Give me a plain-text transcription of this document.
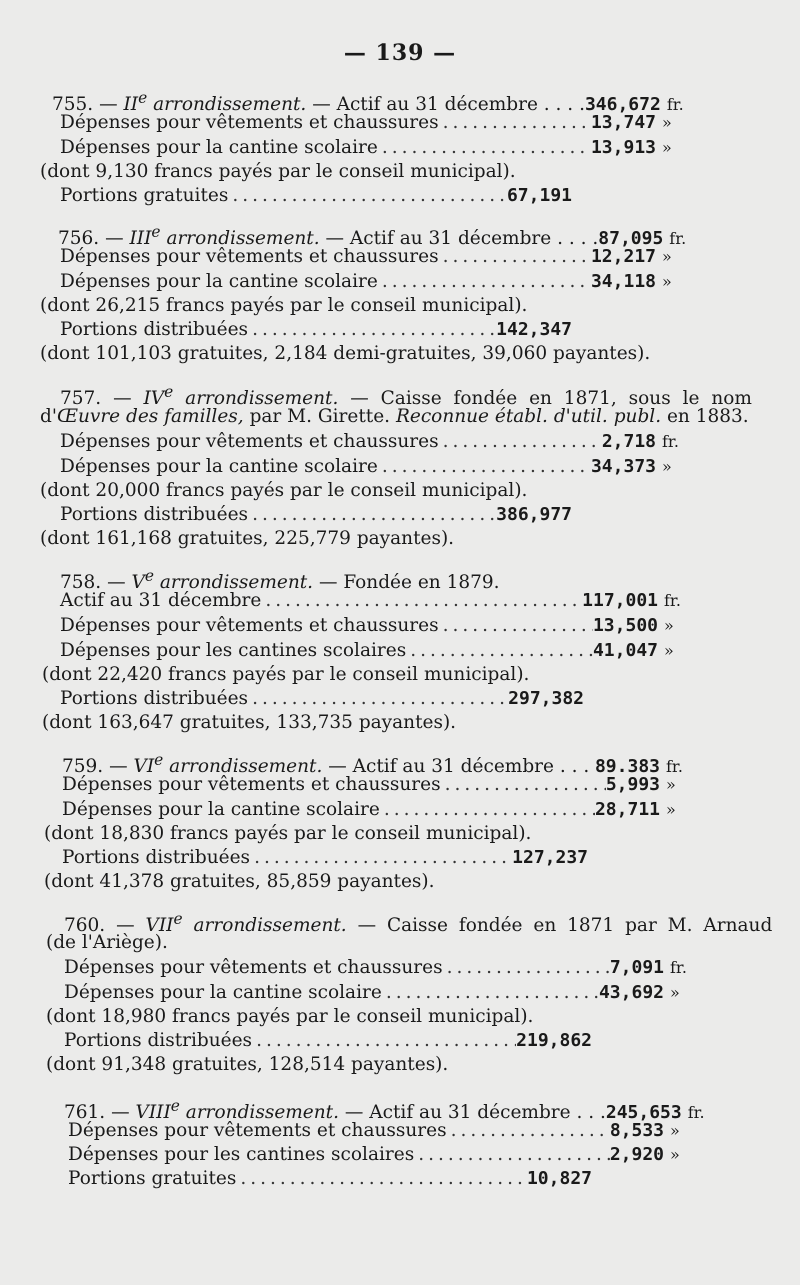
— 139 —
755. — IIe arrondissement. — Actif au 31 décembre . . . . 346,672 fr.
Dépenses pour vêtements et chaussures .....	13,747 »
Dépenses pour la cantine scolaire .....	13,913 »
(dont 9,130 francs payés par le conseil municipal).
Portions gratuites .....	67,191
756. — IIIe arrondissement. — Actif au 31 décembre . . . . 87,095 fr.
Dépenses pour vêtements et chaussures .....	12,217 »
Dépenses pour la cantine scolaire .....	34,118 »
(dont 26,215 francs payés par le conseil municipal).
Portions distribuées .....	142,347
(dont 101,103 gratuites, 2,184 demi-gratuites, 39,060 payantes).
757. — IVe arrondissement. — Caisse fondée en 1871, sous le nom
d'Œuvre des familles, par M. Girette. Reconnue établ. d'util. publ. en 1883.
Dépenses pour vêtements et chaussures .....	2,718 fr.
Dépenses pour la cantine scolaire .....	34,373 »
(dont 20,000 francs payés par le conseil municipal).
Portions distribuées .....	386,977
(dont 161,168 gratuites, 225,779 payantes).
758. — Ve arrondissement. — Fondée en 1879.
Actif au 31 décembre .....	117,001 fr.
Dépenses pour vêtements et chaussures .....	13,500 »
Dépenses pour les cantines scolaires .....	41,047 »
(dont 22,420 francs payés par le conseil municipal).
Portions distribuées .....	297,382
(dont 163,647 gratuites, 133,735 payantes).
759. — VIe arrondissement. — Actif au 31 décembre . . . 89.383 fr.
Dépenses pour vêtements et chaussures .....	5,993 »
Dépenses pour la cantine scolaire .....	28,711 »
(dont 18,830 francs payés par le conseil municipal).
Portions distribuées .....	127,237
(dont 41,378 gratuites, 85,859 payantes).
760. — VIIe arrondissement. — Caisse fondée en 1871 par M. Arnaud
(de l'Ariège).
Dépenses pour vêtements et chaussures .....	7,091 fr.
Dépenses pour la cantine scolaire .....	43,692 »
(dont 18,980 francs payés par le conseil municipal).
Portions distribuées .....	219,862
(dont 91,348 gratuites, 128,514 payantes).
761. — VIIIe arrondissement. — Actif au 31 décembre . . . 245,653 fr.
Dépenses pour vêtements et chaussures .....	8,533 »
Dépenses pour les cantines scolaires .....	2,920 »
Portions gratuites .....	10,827
